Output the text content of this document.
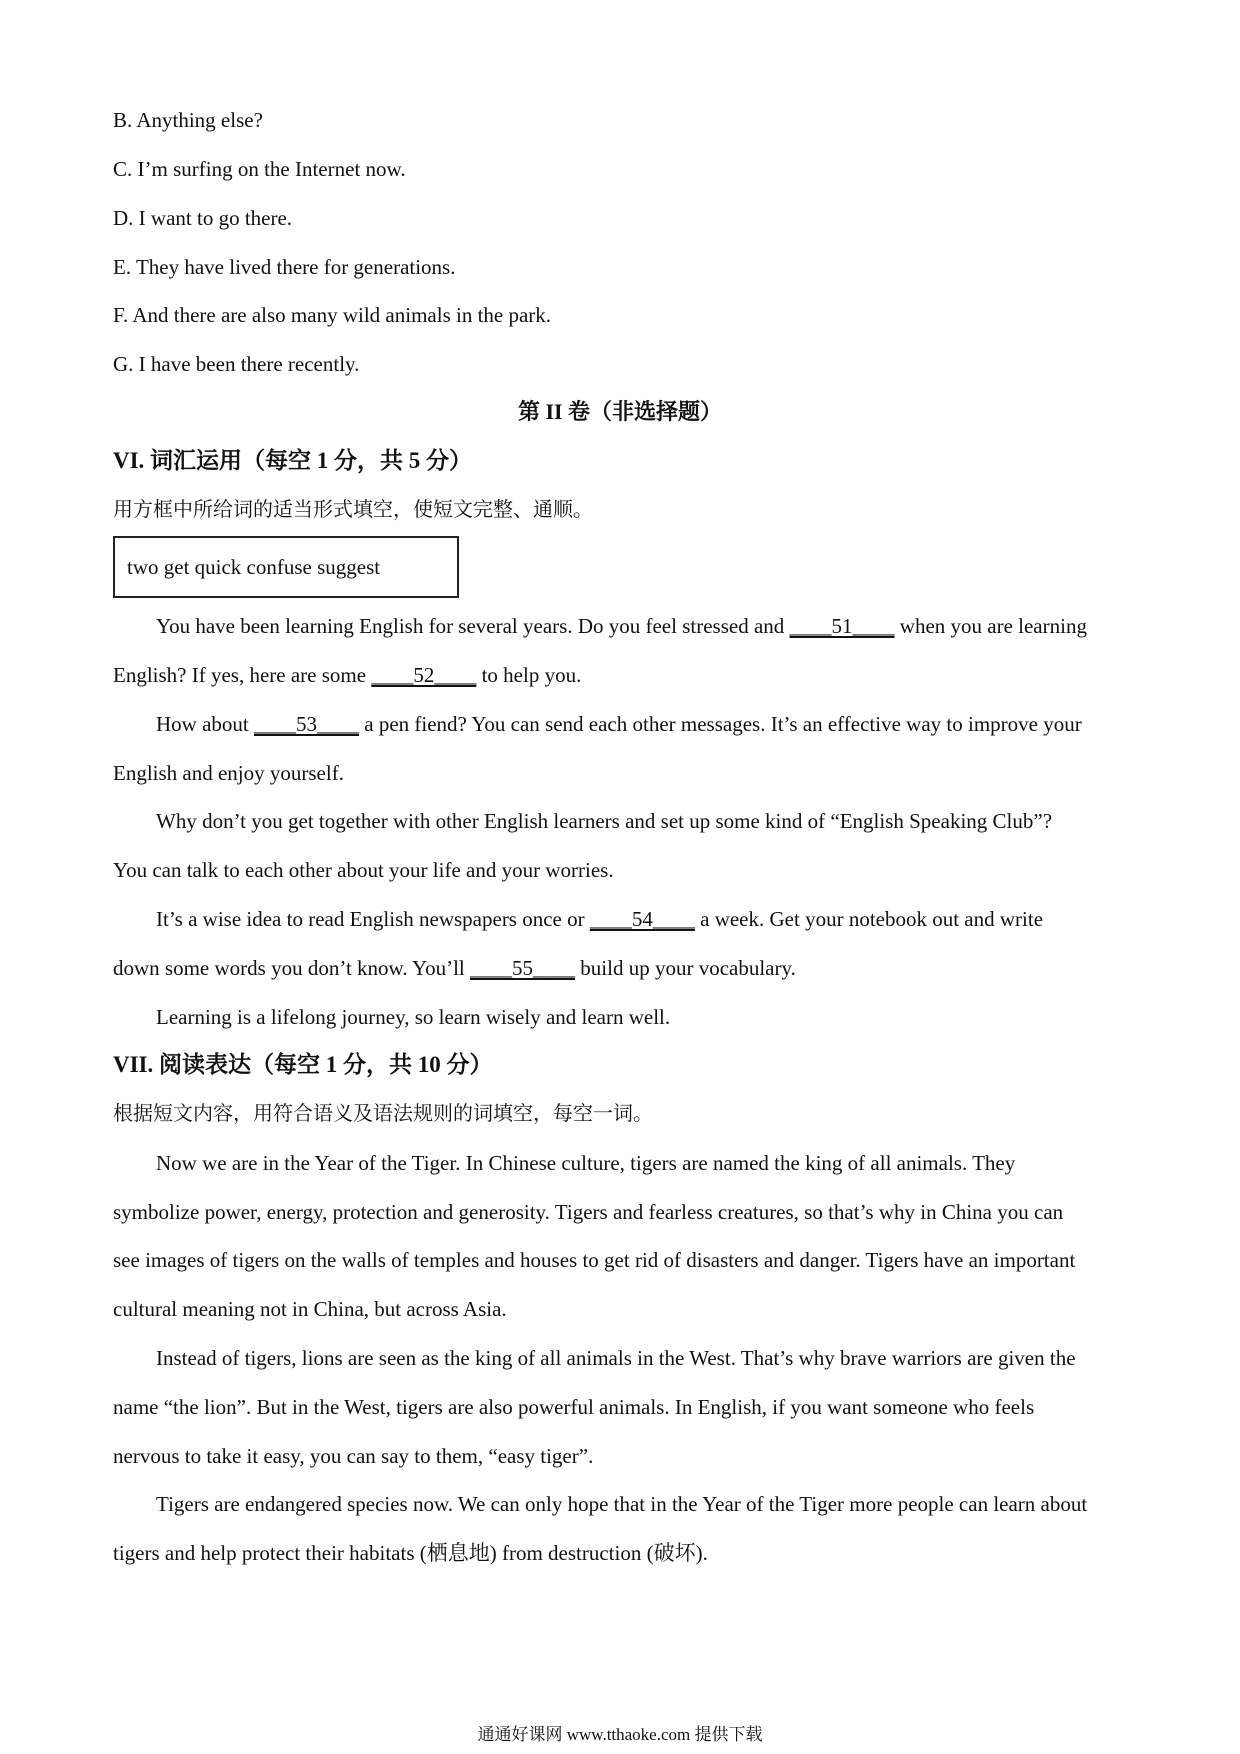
B. Anything else?
C. I’m surfing on the Internet now.
D. I want to go there.
E. They have lived there for generations.
F. And there are also many wild animals in the park.
G. I have been there recently.
第 II 卷（非选择题）
VI. 词汇运用（每空 1 分，共 5 分）
用方框中所给词的适当形式填空，使短文完整、通顺。
two get quick confuse suggest
You have been learning English for several years. Do you feel stressed and ____51____ when you are learning
English? If yes, here are some ____52____ to help you.
How about ____53____ a pen fiend? You can send each other messages. It’s an effective way to improve your
English and enjoy yourself.
Why don’t you get together with other English learners and set up some kind of “English Speaking Club”?
You can talk to each other about your life and your worries.
It’s a wise idea to read English newspapers once or ____54____ a week. Get your notebook out and write
down some words you don’t know. You’ll ____55____ build up your vocabulary.
Learning is a lifelong journey, so learn wisely and learn well.
VII. 阅读表达（每空 1 分，共 10 分）
根据短文内容，用符合语义及语法规则的词填空，每空一词。
Now we are in the Year of the Tiger. In Chinese culture, tigers are named the king of all animals. They
symbolize power, energy, protection and generosity. Tigers and fearless creatures, so that’s why in China you can
see images of tigers on the walls of temples and houses to get rid of disasters and danger. Tigers have an important
cultural meaning not in China, but across Asia.
Instead of tigers, lions are seen as the king of all animals in the West. That’s why brave warriors are given the
name “the lion”. But in the West, tigers are also powerful animals. In English, if you want someone who feels
nervous to take it easy, you can say to them, “easy tiger”.
Tigers are endangered species now. We can only hope that in the Year of the Tiger more people can learn about
tigers and help protect their habitats (栖息地) from destruction (破坏).
通通好课网 www.tthaoke.com 提供下载
